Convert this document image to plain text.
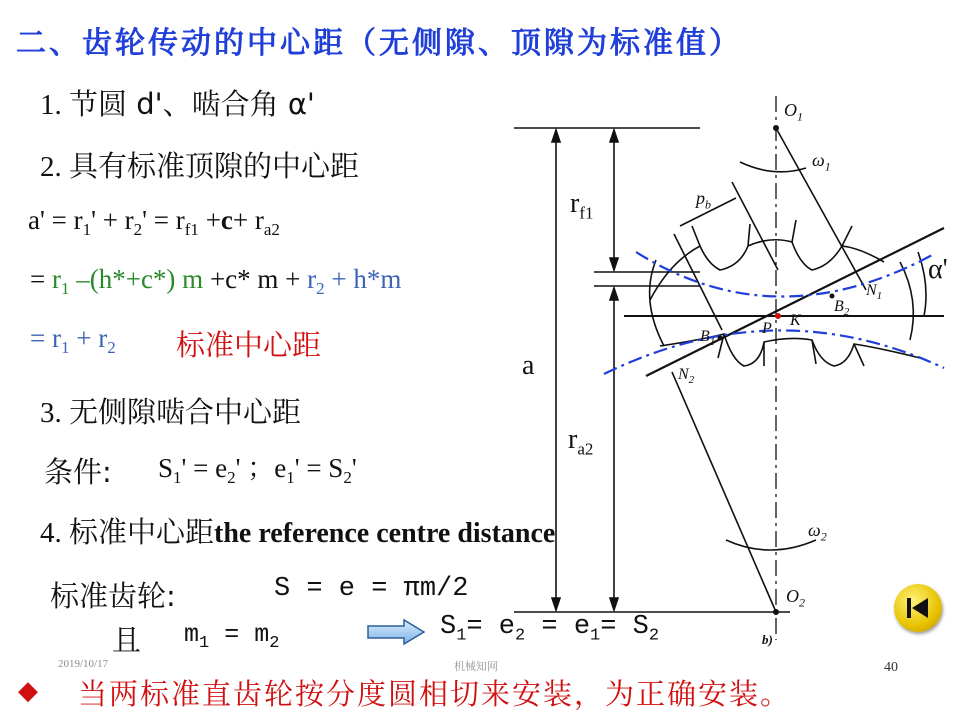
二、齿轮传动的中心距（无侧隙、顶隙为标准值）
1. 节圆 d'、啮合角 α'
2. 具有标准顶隙的中心距
$a' = r_1' + r_2' = r_{f1} +c+ r_{a2}$
= $r_1$ –(h*+c*) m +c* $m + r_2 + h*m$
= $r_1 + r_2$ 标准中心距
3. 无侧隙啮合中心距
条件: $S_1' = e_2'$ ；$e_1' = S_2'$
4. 标准中心距the reference centre distance
标准齿轮:	S = e = πm/2
且 $m_1 = m_2$
$S_1= e_2 = e_1= S_2$
$r_{f1}$
a
$r_{a2}$
α'
$O_1$
$O_2$
$\omega_1$
$\omega_2$
$p_b$
$N_1$
$N_2$
$B_1$
$B_2$
P K
b)
2019/10/17	机械知网	40
◆ 当两标准直齿轮按分度圆相切来安装，为正确安装。
